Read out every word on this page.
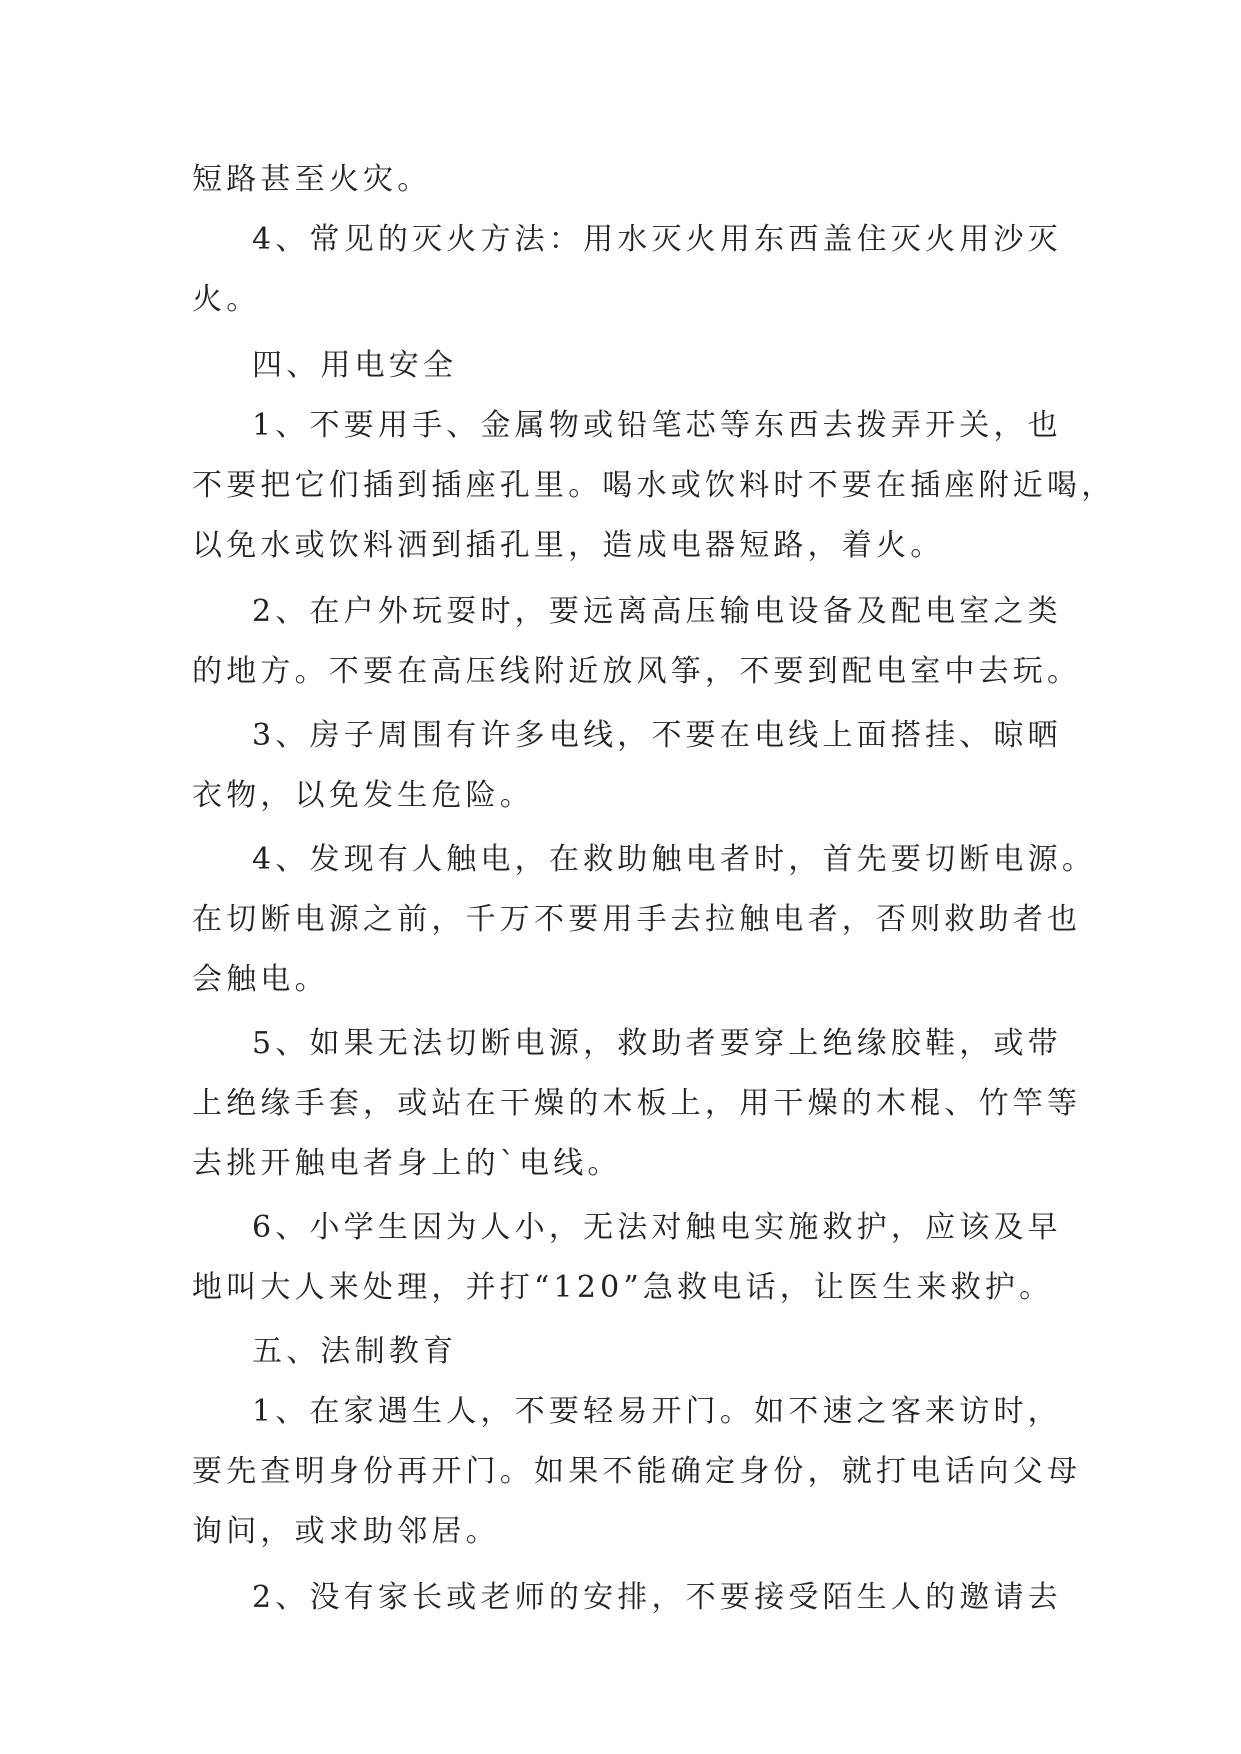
短路甚至火灾。
4、常见的灭火方法：用水灭火用东西盖住灭火用沙灭
火。
四、用电安全
1、不要用手、金属物或铅笔芯等东西去拨弄开关，也
不要把它们插到插座孔里。喝水或饮料时不要在插座附近喝，
以免水或饮料洒到插孔里，造成电器短路，着火。
2、在户外玩耍时，要远离高压输电设备及配电室之类
的地方。不要在高压线附近放风筝，不要到配电室中去玩。
3、房子周围有许多电线，不要在电线上面搭挂、晾晒
衣物，以免发生危险。
4、发现有人触电，在救助触电者时，首先要切断电源。
在切断电源之前，千万不要用手去拉触电者，否则救助者也
会触电。
5、如果无法切断电源，救助者要穿上绝缘胶鞋，或带
上绝缘手套，或站在干燥的木板上，用干燥的木棍、竹竿等
去挑开触电者身上的`电线。
6、小学生因为人小，无法对触电实施救护，应该及早
地叫大人来处理，并打“120”急救电话，让医生来救护。
五、法制教育
1、在家遇生人，不要轻易开门。如不速之客来访时，
要先查明身份再开门。如果不能确定身份，就打电话向父母
询问，或求助邻居。
2、没有家长或老师的安排，不要接受陌生人的邀请去
